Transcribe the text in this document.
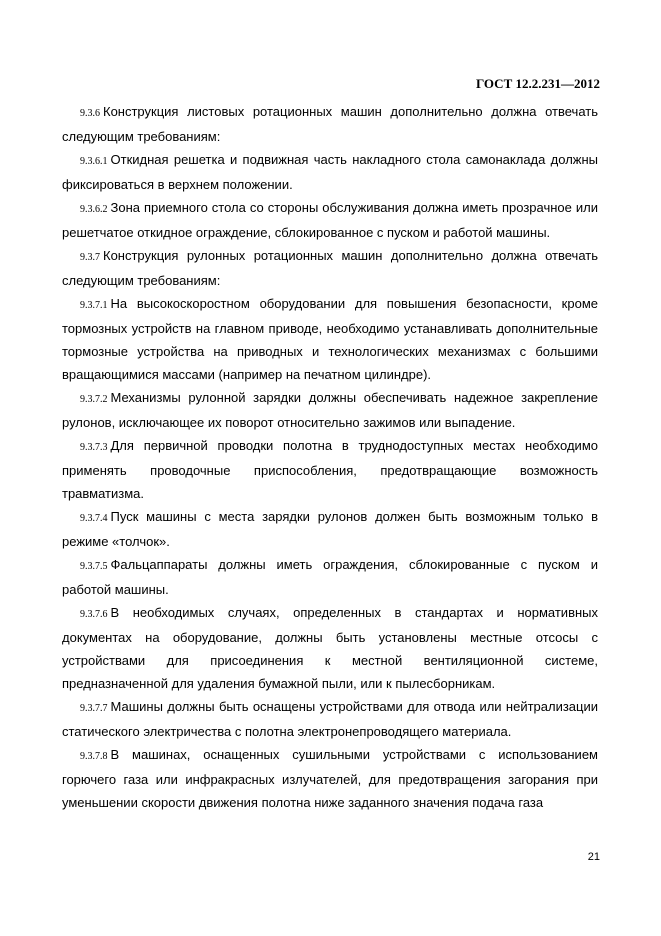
ГОСТ 12.2.231—2012

9.3.6 Конструкция листовых ротационных машин дополнительно должна отвечать следующим требованиям:

9.3.6.1 Откидная решетка и подвижная часть накладного стола самонаклада должны фиксироваться в верхнем положении.

9.3.6.2 Зона приемного стола со стороны обслуживания должна иметь прозрачное или решетчатое откидное ограждение, сблокированное с пуском и работой машины.

9.3.7 Конструкция рулонных ротационных машин дополнительно должна отвечать следующим требованиям:

9.3.7.1 На высокоскоростном оборудовании для повышения безопасности, кроме тормозных устройств на главном приводе, необходимо устанавливать дополнительные тормозные устройства на приводных и технологических механизмах с большими вращающимися массами (например на печатном цилиндре).

9.3.7.2 Механизмы рулонной зарядки должны обеспечивать надежное закрепление рулонов, исключающее их поворот относительно зажимов или выпадение.

9.3.7.3 Для первичной проводки полотна в труднодоступных местах необходимо применять проводочные приспособления, предотвращающие возможность травматизма.

9.3.7.4 Пуск машины с места зарядки рулонов должен быть возможным только в режиме «толчок».

9.3.7.5 Фальцаппараты должны иметь ограждения, сблокированные с пуском и работой машины.

9.3.7.6 В необходимых случаях, определенных в стандартах и нормативных документах на оборудование, должны быть установлены местные отсосы с устройствами для присоединения к местной вентиляционной системе, предназначенной для удаления бумажной пыли, или к пылесборникам.

9.3.7.7 Машины должны быть оснащены устройствами для отвода или нейтрализации статического электричества с полотна электронепроводящего материала.

9.3.7.8 В машинах, оснащенных сушильными устройствами с использованием горючего газа или инфракрасных излучателей, для предотвращения загорания при уменьшении скорости движения полотна ниже заданного значения подача газа

21
